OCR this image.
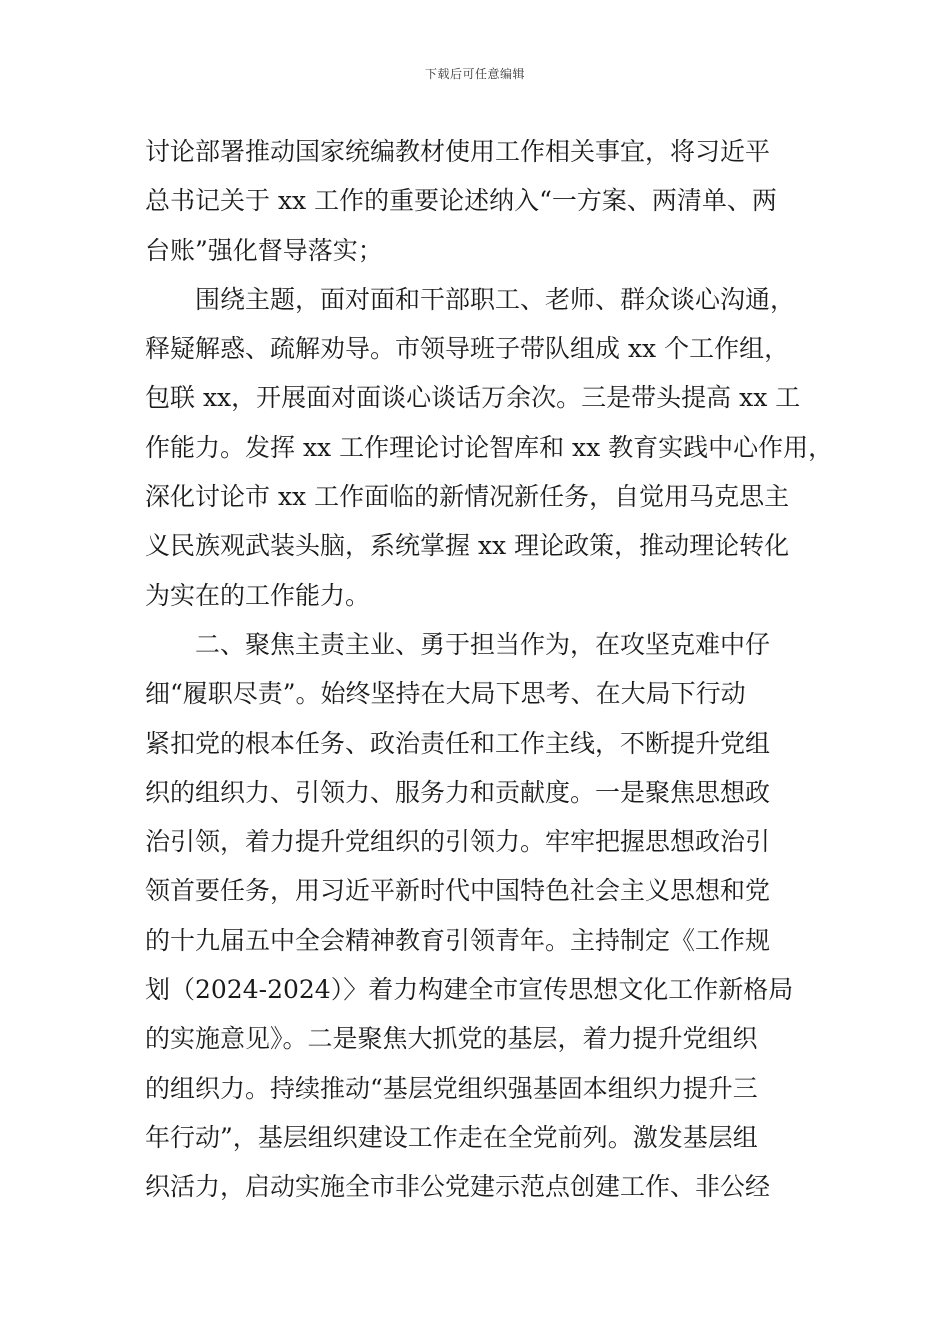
下载后可任意编辑
讨论部署推动国家统编教材使用工作相关事宜，将习近平
总书记关于 xx 工作的重要论述纳入“一方案、两清单、两
台账”强化督导落实；
　　围绕主题，面对面和干部职工、老师、群众谈心沟通，
释疑解惑、疏解劝导。市领导班子带队组成 xx 个工作组，
包联 xx，开展面对面谈心谈话万余次。三是带头提高 xx 工
作能力。发挥 xx 工作理论讨论智库和 xx 教育实践中心作用，
深化讨论市 xx 工作面临的新情况新任务，自觉用马克思主
义民族观武装头脑，系统掌握 xx 理论政策，推动理论转化
为实在的工作能力。
　　二、聚焦主责主业、勇于担当作为，在攻坚克难中仔
细“履职尽责”。始终坚持在大局下思考、在大局下行动
紧扣党的根本任务、政治责任和工作主线，不断提升党组
织的组织力、引领力、服务力和贡献度。一是聚焦思想政
治引领，着力提升党组织的引领力。牢牢把握思想政治引
领首要任务，用习近平新时代中国特色社会主义思想和党
的十九届五中全会精神教育引领青年。主持制定《工作规
划（2024-2024）〉着力构建全市宣传思想文化工作新格局
的实施意见》。二是聚焦大抓党的基层，着力提升党组织
的组织力。持续推动“基层党组织强基固本组织力提升三
年行动”，基层组织建设工作走在全党前列。激发基层组
织活力，启动实施全市非公党建示范点创建工作、非公经
